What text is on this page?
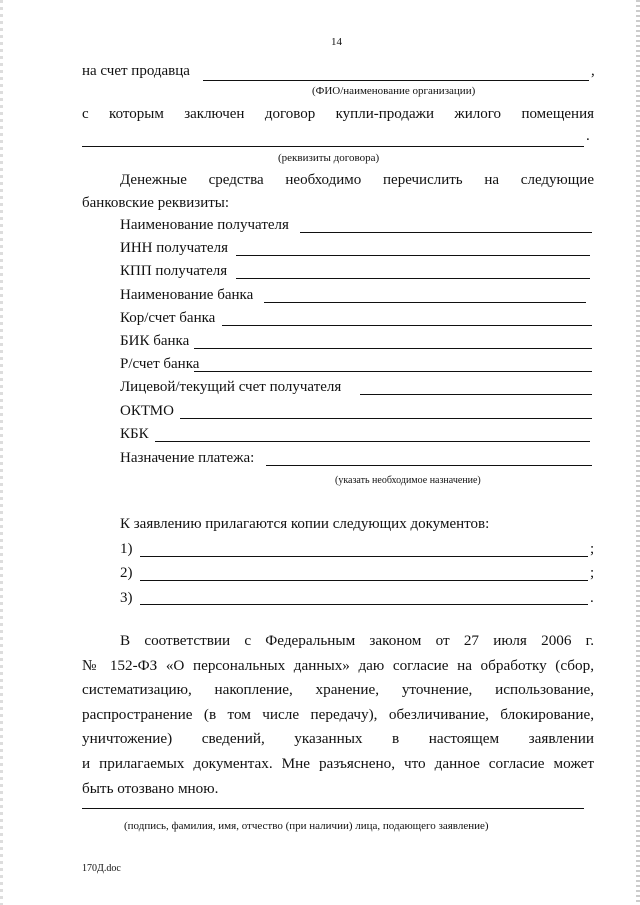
14
на счет продавца	,
(ФИО/наименование организации)
с которым заключен договор купли-продажи жилого помещения
.
(реквизиты договора)
Денежные средства необходимо перечислить на следующие
банковские реквизиты:
Наименование получателя
ИНН получателя
КПП получателя
Наименование банка
Кор/счет банка
БИК банка
Р/счет банка
Лицевой/текущий счет получателя
ОКТМО
КБК
Назначение платежа:
(указать необходимое назначение)
К заявлению прилагаются копии следующих документов:
1)	;
2)	;
3)	.
В соответствии с Федеральным законом от 27 июля 2006 г.
№ 152-ФЗ «О персональных данных» даю согласие на обработку (сбор,
систематизацию, накопление, хранение, уточнение, использование,
распространение (в том числе передачу), обезличивание, блокирование,
уничтожение) сведений, указанных в настоящем заявлении
и прилагаемых документах. Мне разъяснено, что данное согласие может
быть отозвано мною.
(подпись, фамилия, имя, отчество (при наличии) лица, подающего заявление)
170Д.doc
